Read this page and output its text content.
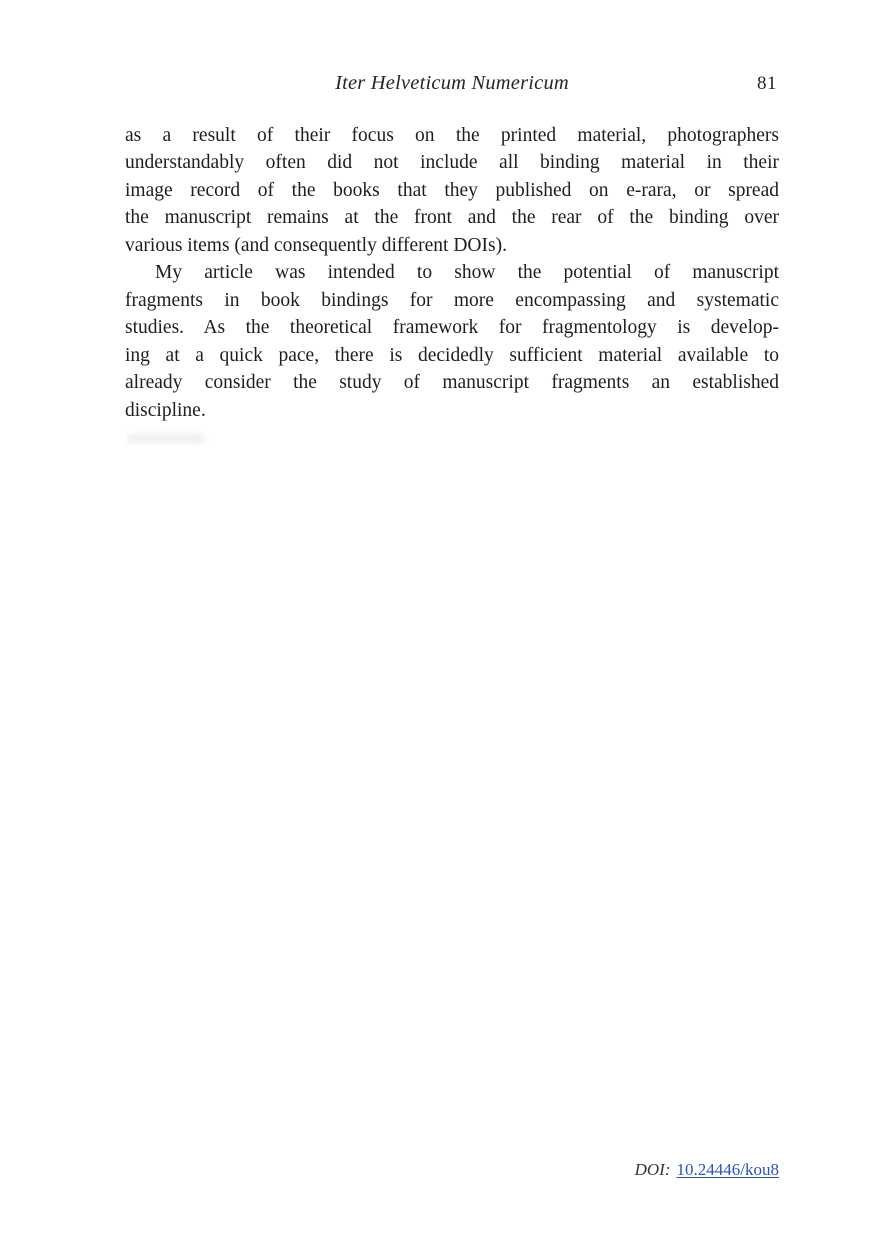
Iter Helveticum Numericum	81
as a result of their focus on the printed material, photographers
understandably often did not include all binding material in their
image record of the books that they published on e-rara, or spread
the manuscript remains at the front and the rear of the binding over
various items (and consequently different DOIs).
My article was intended to show the potential of manuscript
fragments in book bindings for more encompassing and systematic
studies. As the theoretical framework for fragmentology is develop-
ing at a quick pace, there is decidedly sufficient material available to
already consider the study of manuscript fragments an established
discipline.
DOI: 10.24446/kou8
